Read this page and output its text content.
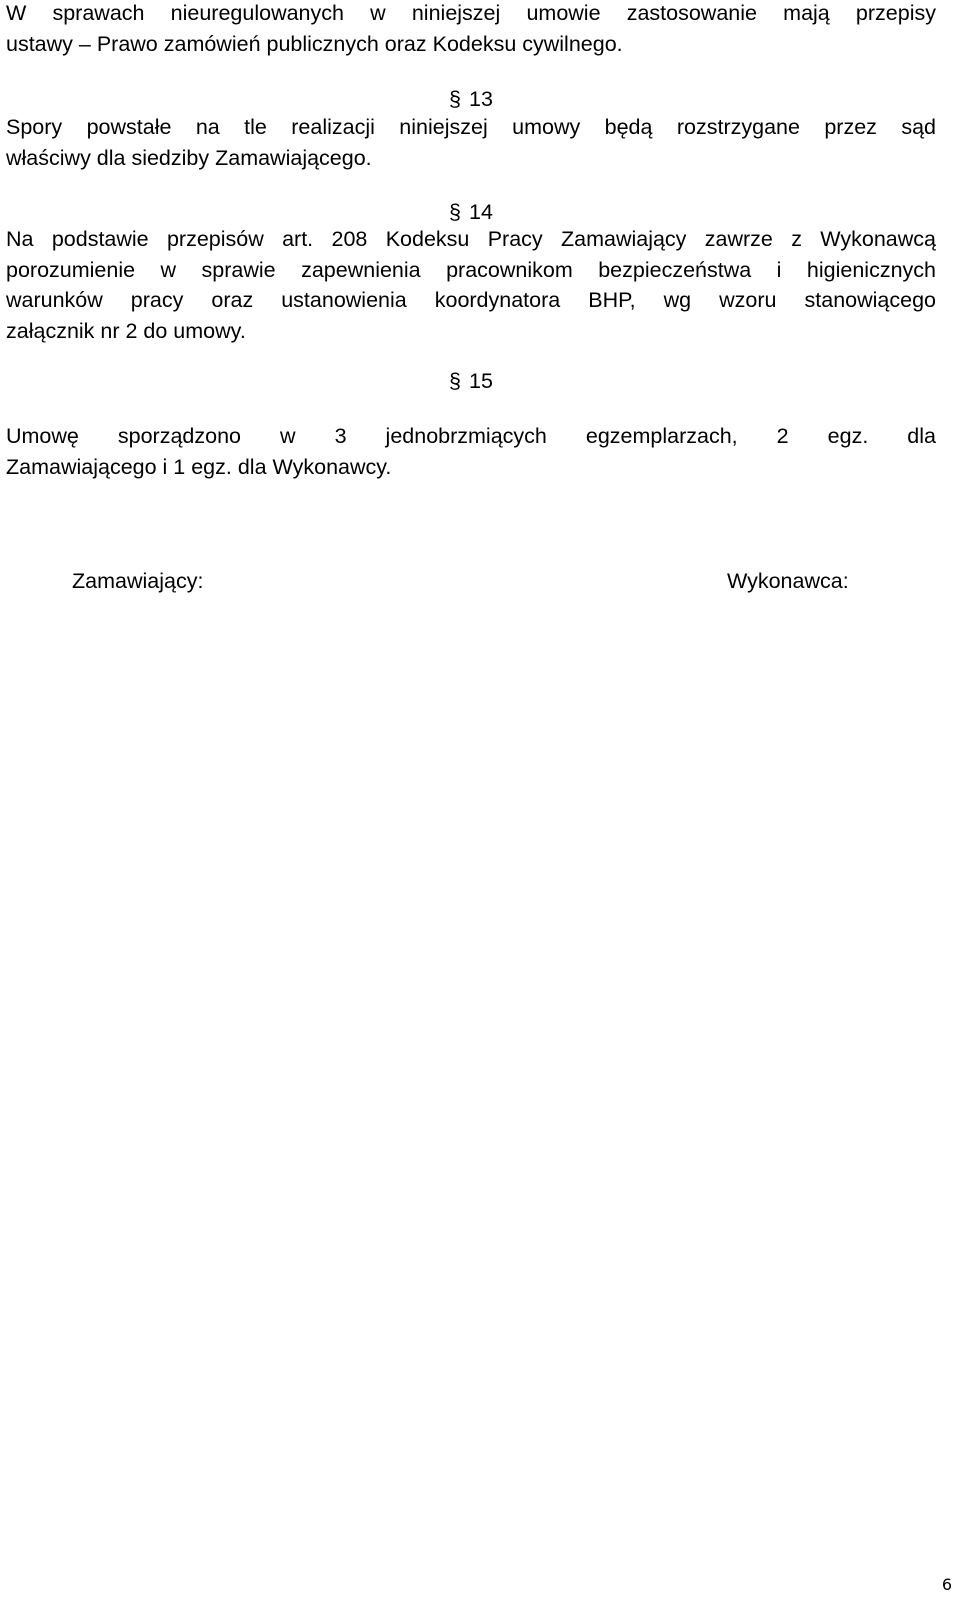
W sprawach nieuregulowanych w niniejszej umowie zastosowanie mają przepisy
ustawy – Prawo zamówień publicznych oraz Kodeksu cywilnego.
§ 13
Spory powstałe na tle realizacji niniejszej umowy będą rozstrzygane przez sąd
właściwy dla siedziby Zamawiającego.
§ 14
Na podstawie przepisów art. 208 Kodeksu Pracy Zamawiający zawrze z Wykonawcą
porozumienie w sprawie zapewnienia pracownikom bezpieczeństwa i higienicznych
warunków pracy oraz ustanowienia koordynatora BHP, wg wzoru stanowiącego
załącznik nr 2 do umowy.
§ 15
Umowę sporządzono w 3 jednobrzmiących egzemplarzach, 2 egz. dla
Zamawiającego i 1 egz. dla Wykonawcy.

Zamawiający:	Wykonawca:

6
